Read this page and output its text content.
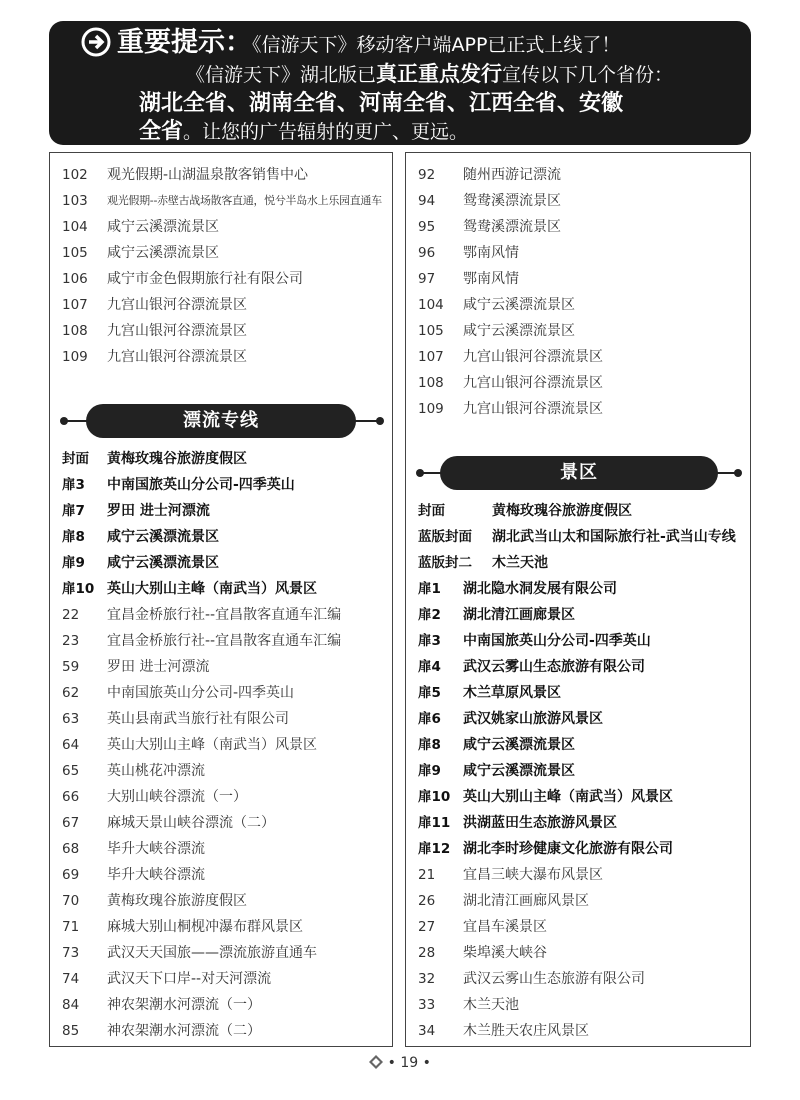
重要提示：《信游天下》移动客户端APP已正式上线了！
《信游天下》湖北版已真正重点发行宣传以下几个省份：
湖北全省、湖南全省、河南全省、江西全省、安徽
全省。让您的广告辐射的更广、更远。
102 观光假期-山湖温泉散客销售中心
103 观光假期--赤壁古战场散客直通，悦兮半岛水上乐园直通车
104 咸宁云溪漂流景区
105 咸宁云溪漂流景区
106 咸宁市金色假期旅行社有限公司
107 九宫山银河谷漂流景区
108 九宫山银河谷漂流景区
109 九宫山银河谷漂流景区
漂流专线
封面 黄梅玫瑰谷旅游度假区
扉3 中南国旅英山分公司-四季英山
扉7 罗田 进士河漂流
扉8 咸宁云溪漂流景区
扉9 咸宁云溪漂流景区
扉10 英山大别山主峰（南武当）风景区
22 宜昌金桥旅行社--宜昌散客直通车汇编
23 宜昌金桥旅行社--宜昌散客直通车汇编
59 罗田 进士河漂流
62 中南国旅英山分公司-四季英山
63 英山县南武当旅行社有限公司
64 英山大别山主峰（南武当）风景区
65 英山桃花冲漂流
66 大别山峡谷漂流（一）
67 麻城天景山峡谷漂流（二）
68 毕升大峡谷漂流
69 毕升大峡谷漂流
70 黄梅玫瑰谷旅游度假区
71 麻城大别山桐枧冲瀑布群风景区
73 武汉天天国旅——漂流旅游直通车
74 武汉天下口岸--对天河漂流
84 神农架潮水河漂流（一）
85 神农架潮水河漂流（二）
92 随州西游记漂流
94 鸳鸯溪漂流景区
95 鸳鸯溪漂流景区
96 鄂南风情
97 鄂南风情
104 咸宁云溪漂流景区
105 咸宁云溪漂流景区
107 九宫山银河谷漂流景区
108 九宫山银河谷漂流景区
109 九宫山银河谷漂流景区
景区
封面	黄梅玫瑰谷旅游度假区
蓝版封面 湖北武当山太和国际旅行社-武当山专线
蓝版封二 木兰天池
扉1 湖北隐水洞发展有限公司
扉2 湖北清江画廊景区
扉3 中南国旅英山分公司-四季英山
扉4 武汉云雾山生态旅游有限公司
扉5 木兰草原风景区
扉6 武汉姚家山旅游风景区
扉8 咸宁云溪漂流景区
扉9 咸宁云溪漂流景区
扉10 英山大别山主峰（南武当）风景区
扉11 洪湖蓝田生态旅游风景区
扉12 湖北李时珍健康文化旅游有限公司
21 宜昌三峡大瀑布风景区
26 湖北清江画廊风景区
27 宜昌车溪景区
28 柴埠溪大峡谷
32 武汉云雾山生态旅游有限公司
33 木兰天池
34 木兰胜天农庄风景区
• 19 •
